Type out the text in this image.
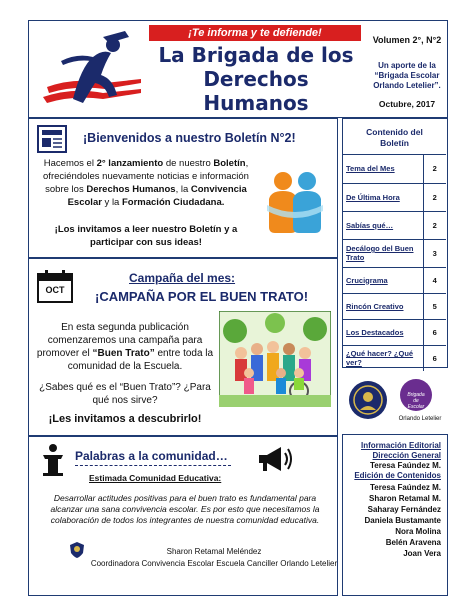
¡Te informa y te defiende!
La Brigada de los
Derechos Humanos
Volumen 2°, N°2
Un aporte de la
“Brigada Escolar
Orlando Letelier”.
Octubre, 2017
¡Bienvenidos a nuestro Boletín N°2!
Hacemos el 2° lanzamiento de nuestro Boletín, ofreciéndoles nuevamente noticias e información sobre los Derechos Humanos, la Convivencia Escolar y la Formación Ciudadana.
¡Los invitamos a leer nuestro Boletín y a participar con sus ideas!
OCT
Campaña del mes:
¡CAMPAÑA POR EL BUEN TRATO!
En esta segunda publicación comenzaremos una campaña para promover el “Buen Trato” entre toda la comunidad de la Escuela.
¿Sabes qué es el “Buen Trato”? ¿Para qué nos sirve?
¡Les invitamos a descubrirlo!
Palabras a la comunidad…
Estimada Comunidad Educativa:
Desarrollar actitudes positivas para el buen trato es fundamental para alcanzar una sana convivencia escolar. Es por esto que necesitamos la colaboración de todos los integrantes de nuestra comunidad educativa.
Sharon Retamal Meléndez
Coordinadora Convivencia Escolar Escuela Canciller Orlando Letelier
Contenido del
Boletín
Tema del Mes	2
De Última Hora	2
Sabías qué…	2
Decálogo del Buen Trato	3
Crucigrama	4
Rincón Creativo	5
Los Destacados	6
¿Qué hacer? ¿Qué ver?	6
Brigada
de
Escolar
Orlando Letelier
Información Editorial
Dirección General
Teresa Faúndez M.
Edición de Contenidos
Teresa Faúndez M.
Sharon Retamal M.
Saharay Fernández
Daniela Bustamante
Nora Molina
Belén Aravena
Joan Vera
